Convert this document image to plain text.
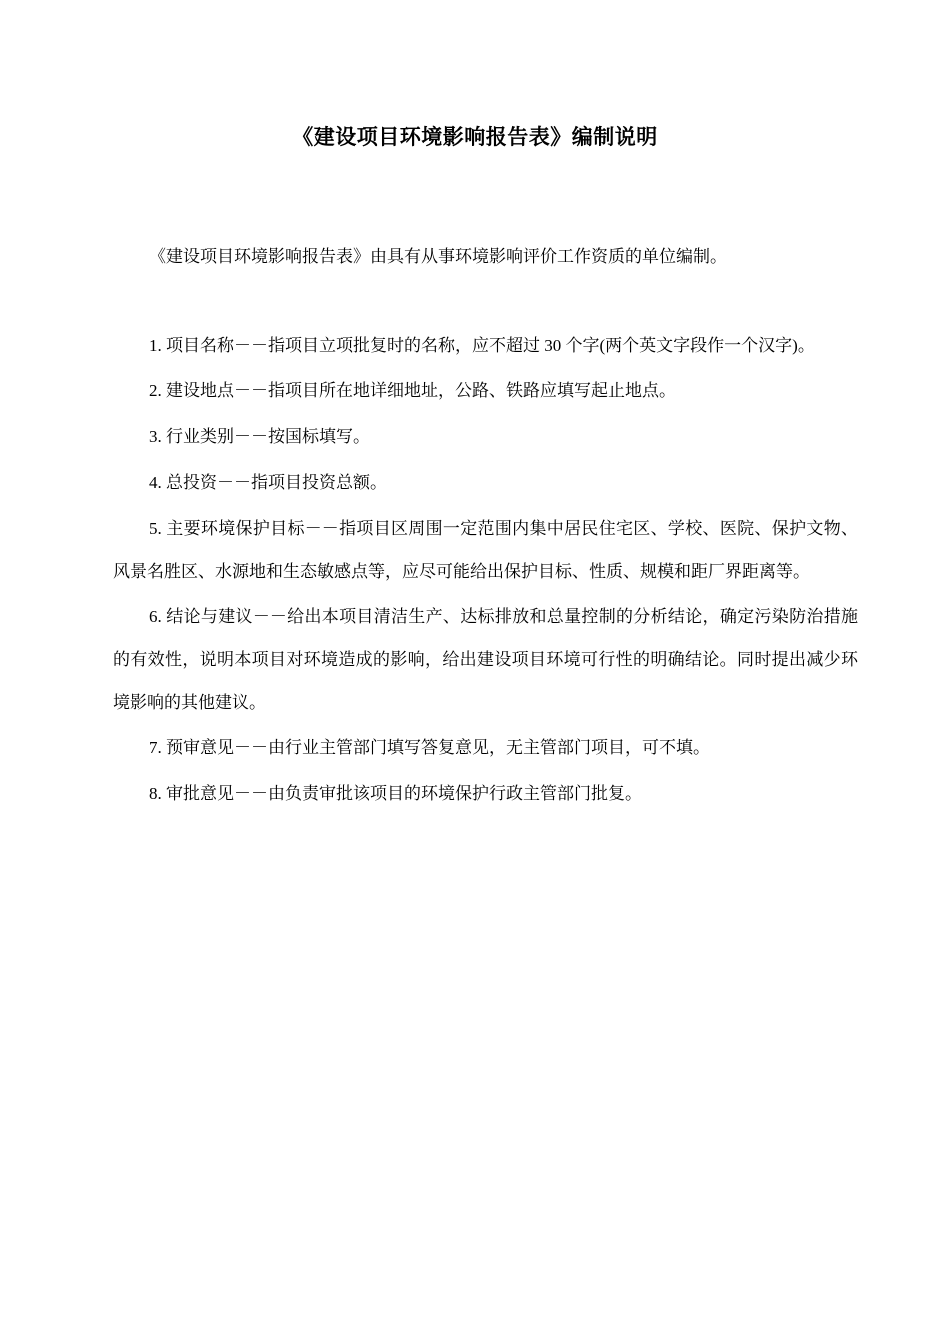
《建设项目环境影响报告表》编制说明

《建设项目环境影响报告表》由具有从事环境影响评价工作资质的单位编制。

1. 项目名称－－指项目立项批复时的名称，应不超过 30 个字(两个英文字段作一个汉字)。

2. 建设地点－－指项目所在地详细地址，公路、铁路应填写起止地点。

3. 行业类别－－按国标填写。

4. 总投资－－指项目投资总额。

5. 主要环境保护目标－－指项目区周围一定范围内集中居民住宅区、学校、医院、保护文物、风景名胜区、水源地和生态敏感点等，应尽可能给出保护目标、性质、规模和距厂界距离等。

6. 结论与建议－－给出本项目清洁生产、达标排放和总量控制的分析结论，确定污染防治措施的有效性，说明本项目对环境造成的影响，给出建设项目环境可行性的明确结论。同时提出减少环境影响的其他建议。

7. 预审意见－－由行业主管部门填写答复意见，无主管部门项目，可不填。

8. 审批意见－－由负责审批该项目的环境保护行政主管部门批复。
